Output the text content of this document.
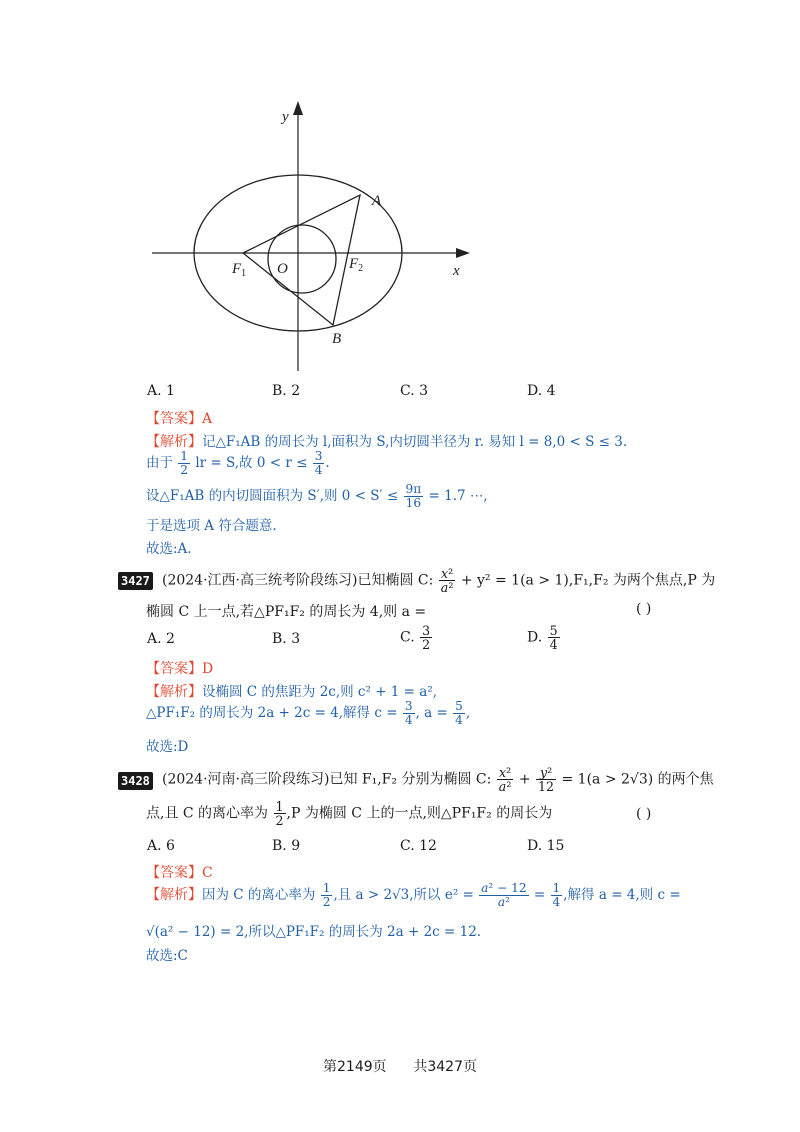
y
x
A
B
O
$F_1$
$F_2$
A. 1	B. 2	C. 3	D. 4
【答案】A
【解析】记△F₁AB 的周长为 l,面积为 S,内切圆半径为 r. 易知 l = 8,0 < S ≤ 3.
由于 $\frac{1}{2}$ lr = S,故 $0 < r \le \frac{3}{4}$ .
设△F₁AB 的内切圆面积为 S′,则 $0 < S' \le \frac{9\pi}{16} = 1.7$ ⋯,
于是选项 A 符合题意.
故选:A.
3427 (2024·江西·高三统考阶段练习)已知椭圆 C: $\frac{\text{x²}}{\text{a²}} + y^2 = 1(a > 1),F_1,F_2$ 为两个焦点,P 为
椭圆 C 上一点,若△PF₁F₂ 的周长为 4,则 a =	( )
A. 2	B. 3	C. $\frac{3}{2}$	D. $\frac{5}{4}$
【答案】D
【解析】设椭圆 C 的焦距为 2c,则 c² + 1 = a²,
△PF₁F₂ 的周长为 2a + 2c = 4,解得 $c = \frac{3}{4}$ , $a = \frac{5}{4}$ ,
故选:D
3428 (2024·河南·高三阶段练习)已知 F₁,F₂ 分别为椭圆 C: $\frac{\text{x²}}{\text{a²}} + \frac{\text{y²}}{12} = 1(a > 2√3)$ 的两个焦
点,且 C 的离心率为 $\frac{1}{2} ,P$ 为椭圆 C 上的一点,则△PF₁F₂ 的周长为	( )
A. 6	B. 9	C. 12	D. 15
【答案】C
【解析】因为 C 的离心率为 $\frac{1}{2}$ ,且 a > 2√3,所以 $e^2 = \frac{\text{a² − 12}}{\text{a²}} = \frac{1}{4}$ ,解得 a = 4,则 c =
√(a² − 12) = 2,所以△PF₁F₂ 的周长为 2a + 2c = 12.
故选:C
第2149页 共3427页
